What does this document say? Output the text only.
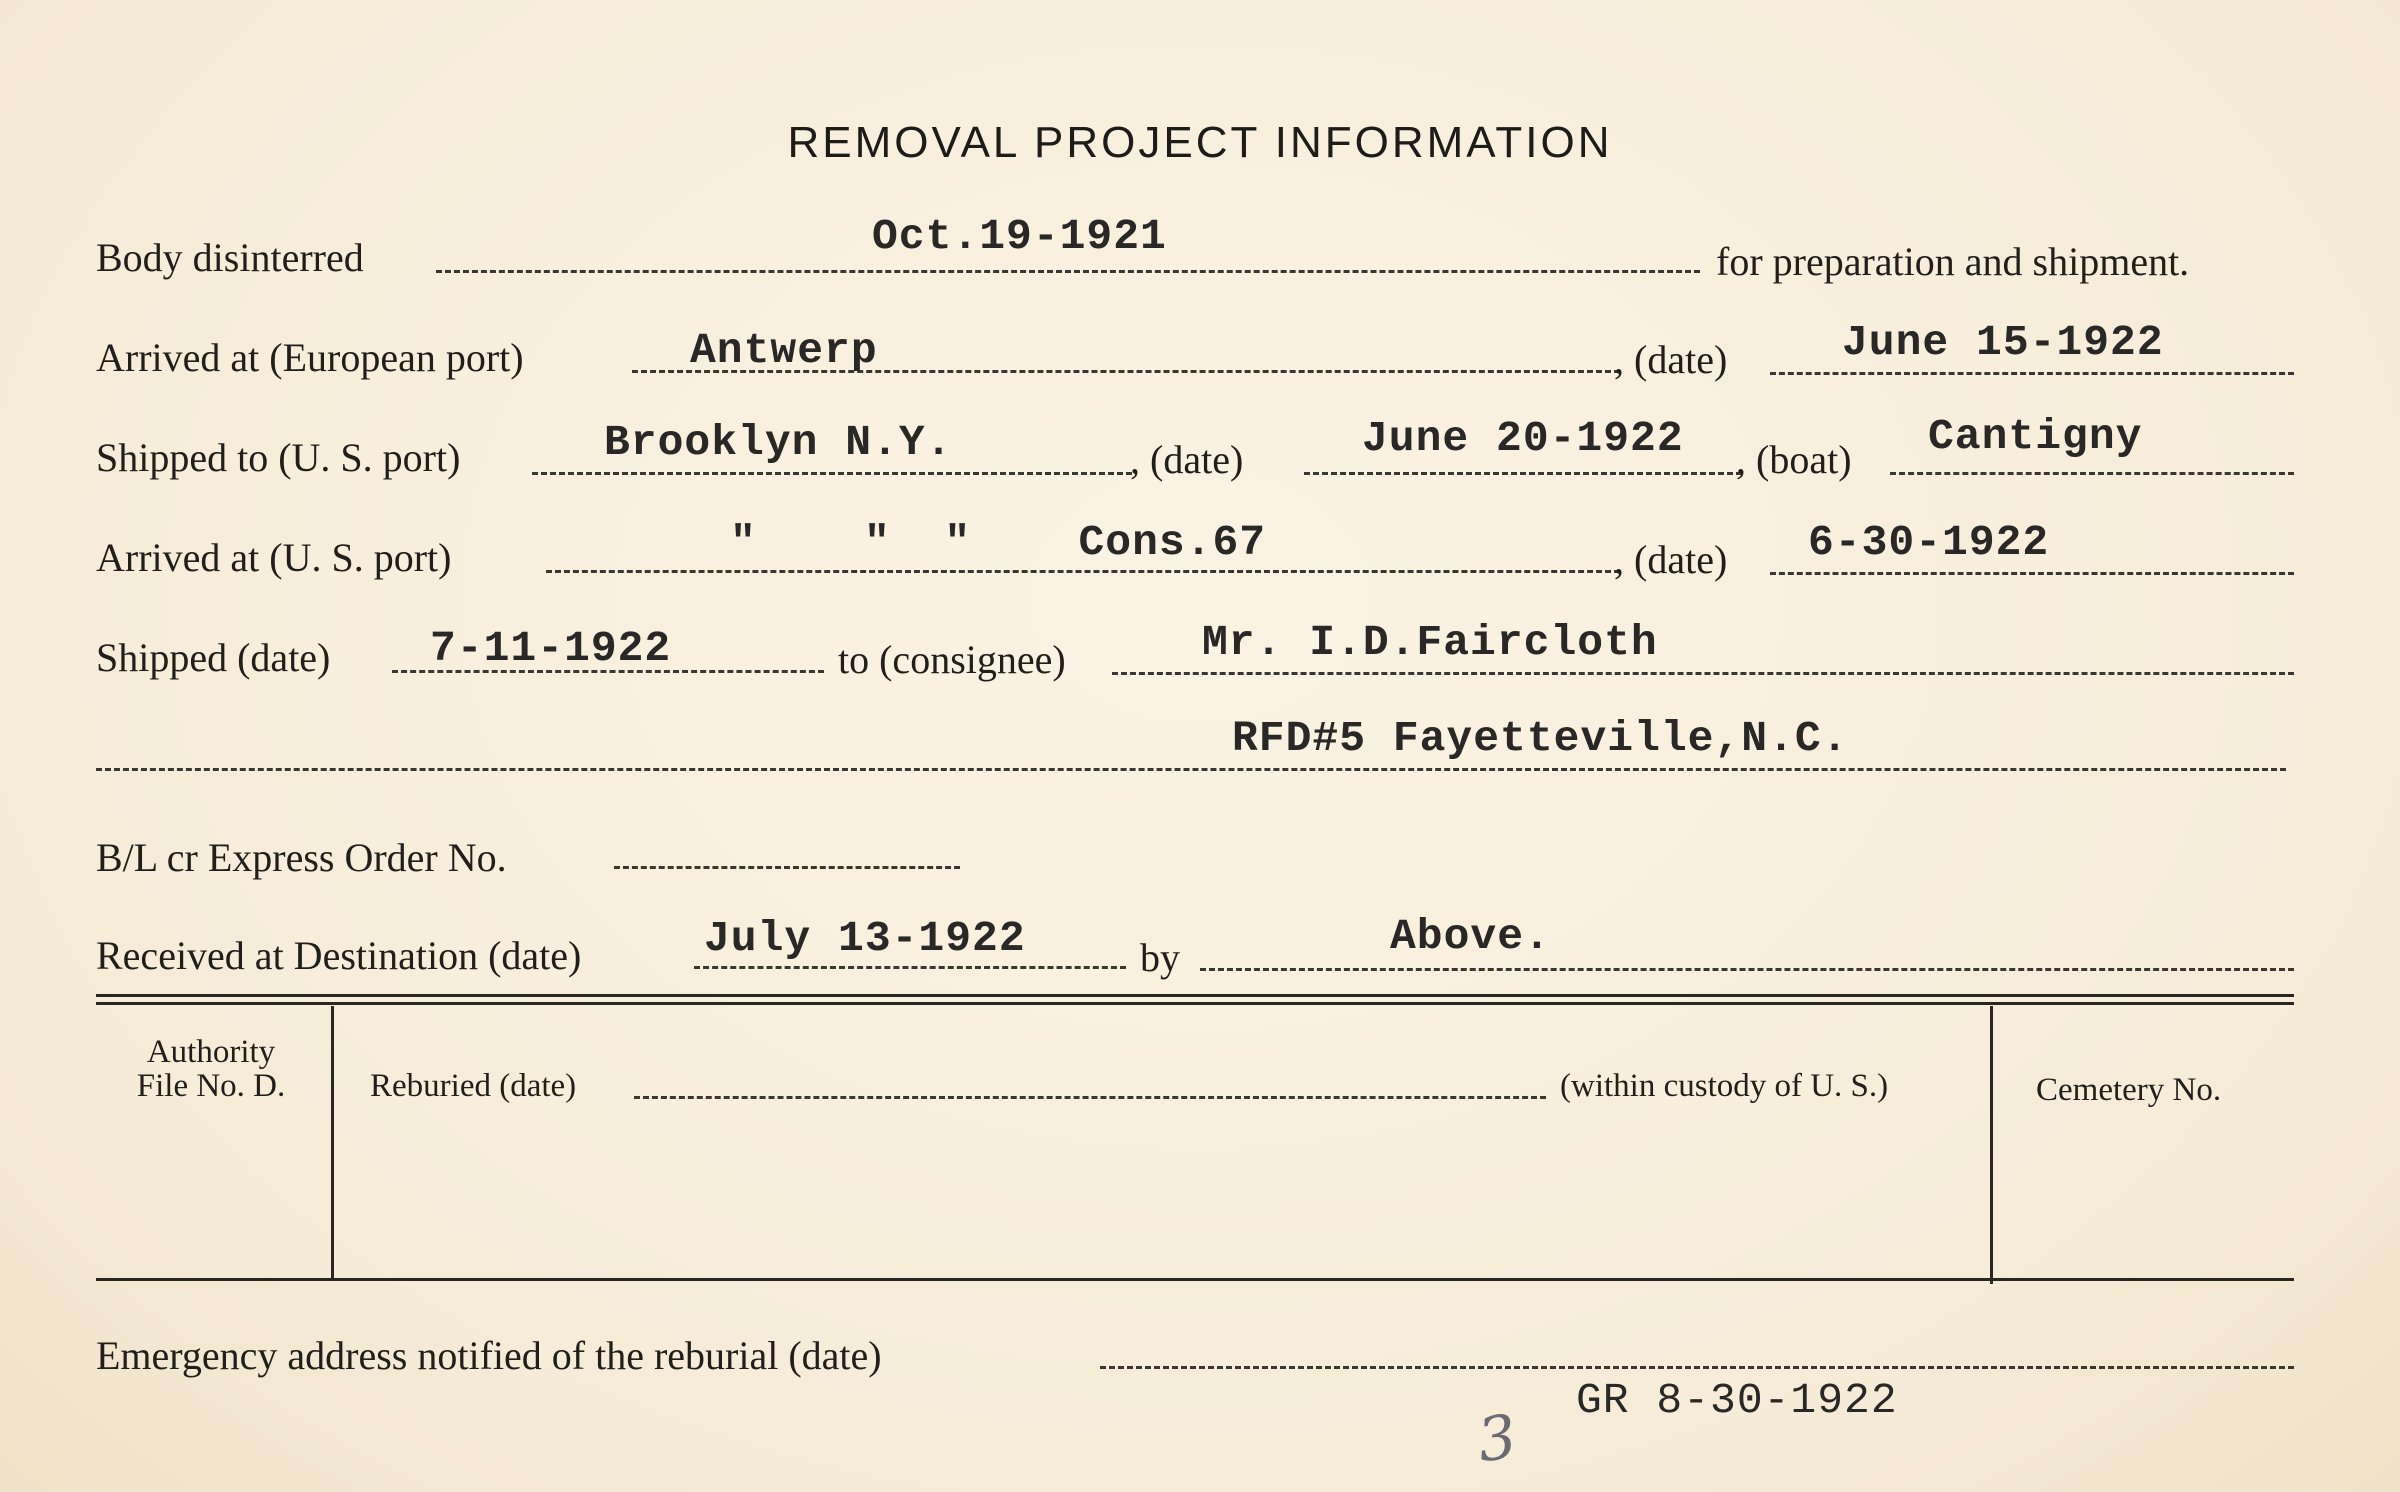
REMOVAL PROJECT INFORMATION
Body disinterred	Oct.19-1921
for preparation and shipment.
Arrived at (European port)	Antwerp	, (date)	June 15-1922
Shipped to (U. S. port)	Brooklyn N.Y.	, (date)	June 20-1922 , (boat) Cantigny
Arrived at (U. S. port)	"    "  "    Cons.67	, (date) 6-30-1922
Shipped (date) 7-11-1922	to (consignee)	Mr. I.D.Faircloth
RFD#5 Fayetteville,N.C.
B/L cr Express Order No.
Received at Destination (date)	July 13-1922	by	Above.
Authority
File No. D.	Reburied (date)	(within custody of U. S.)	Cemetery No.
Emergency address notified of the reburial (date)
GR 8-30-1922
3
